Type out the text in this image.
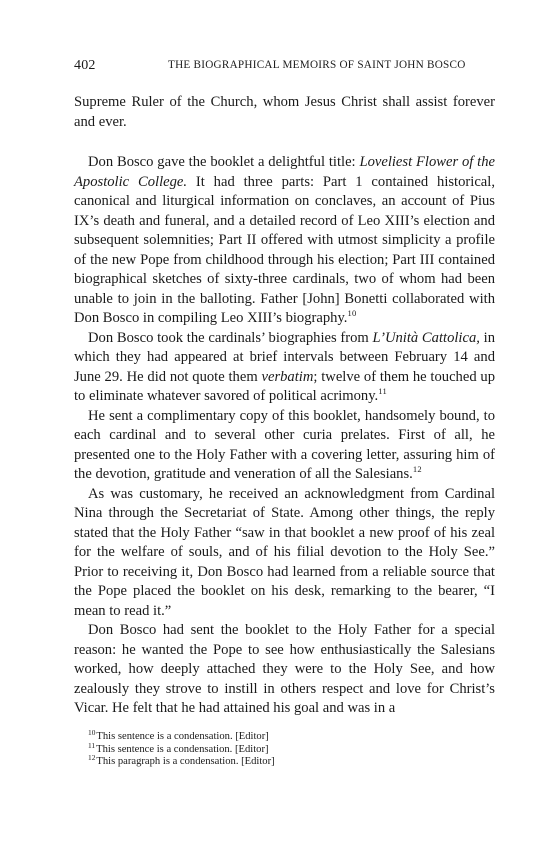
402	THE BIOGRAPHICAL MEMOIRS OF SAINT JOHN BOSCO

Supreme Ruler of the Church, whom Jesus Christ shall assist forever and ever.

Don Bosco gave the booklet a delightful title: Loveliest Flower of the Apostolic College. It had three parts: Part 1 contained historical, canonical and liturgical information on conclaves, an account of Pius IX’s death and funeral, and a detailed record of Leo XIII’s election and subsequent solemnities; Part II offered with utmost simplicity a profile of the new Pope from childhood through his election; Part III contained biographical sketches of sixty-three cardinals, two of whom had been unable to join in the balloting. Father [John] Bonetti collaborated with Don Bosco in compiling Leo XIII’s biography.$^{10}$

Don Bosco took the cardinals’ biographies from L’Unità Cattolica, in which they had appeared at brief intervals between February 14 and June 29. He did not quote them verbatim; twelve of them he touched up to eliminate whatever savored of political acrimony.$^{11}$

He sent a complimentary copy of this booklet, handsomely bound, to each cardinal and to several other curia prelates. First of all, he presented one to the Holy Father with a covering letter, assuring him of the devotion, gratitude and veneration of all the Salesians.$^{12}$

As was customary, he received an acknowledgment from Cardinal Nina through the Secretariat of State. Among other things, the reply stated that the Holy Father “saw in that booklet a new proof of his zeal for the welfare of souls, and of his filial devotion to the Holy See.” Prior to receiving it, Don Bosco had learned from a reliable source that the Pope placed the booklet on his desk, remarking to the bearer, “I mean to read it.”

Don Bosco had sent the booklet to the Holy Father for a special reason: he wanted the Pope to see how enthusiastically the Salesians worked, how deeply attached they were to the Holy See, and how zealously they strove to instill in others respect and love for Christ’s Vicar. He felt that he had attained his goal and was in a

$^{10}$This sentence is a condensation. [Editor]

$^{11}$This sentence is a condensation. [Editor]

$^{12}$This paragraph is a condensation. [Editor]
